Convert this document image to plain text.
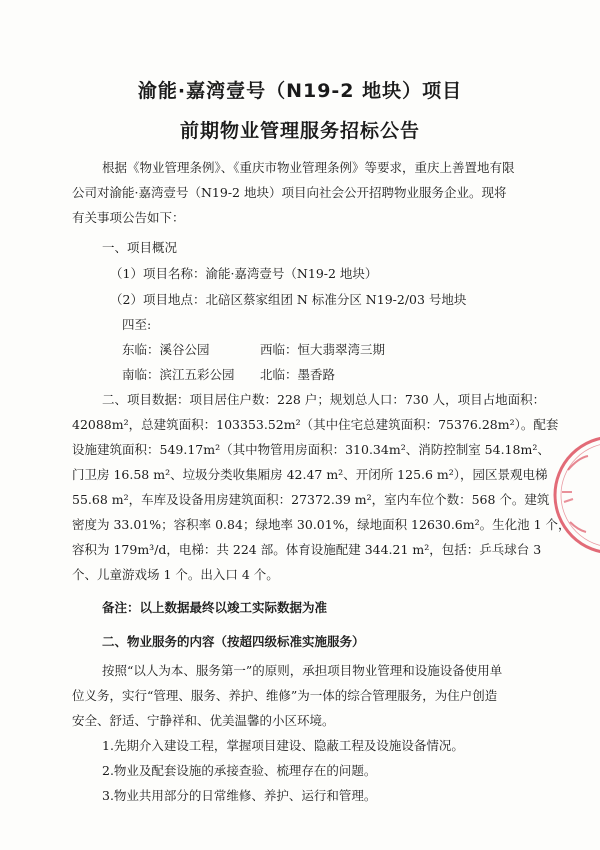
渝能·嘉湾壹号（N19-2 地块）项目
前期物业管理服务招标公告
根据《物业管理条例》、《重庆市物业管理条例》等要求，重庆上善置地有限
公司对渝能·嘉湾壹号（N19-2 地块）项目向社会公开招聘物业服务企业。现将
有关事项公告如下：
一、项目概况
（1）项目名称：渝能·嘉湾壹号（N19-2 地块）
（2）项目地点：北碚区蔡家组团 N 标准分区 N19-2/03 号地块
四至:
东临：溪谷公园	西临：恒大翡翠湾三期
南临：滨江五彩公园 北临：墨香路
二、项目数据：项目居住户数：228 户；规划总人口：730 人，项目占地面积：
42088m²，总建筑面积：103353.52m²（其中住宅总建筑面积：75376.28m²）。配套
设施建筑面积：549.17m²（其中物管用房面积：310.34m²、消防控制室 54.18m²、
门卫房 16.58 m²、垃圾分类收集厢房 42.47 m²、开闭所 125.6 m²），园区景观电梯
55.68 m²，车库及设备用房建筑面积：27372.39 m²，室内车位个数：568 个。建筑
密度为 33.01%；容积率 0.84；绿地率 30.01%，绿地面积 12630.6m²。生化池 1 个，
容积为 179m³/d，电梯：共 224 部。体育设施配建 344.21 m²，包括：乒乓球台 3
个、儿童游戏场 1 个。出入口 4 个。
备注：以上数据最终以竣工实际数据为准
二、物业服务的内容（按超四级标准实施服务）
按照“以人为本、服务第一”的原则，承担项目物业管理和设施设备使用单
位义务，实行“管理、服务、养护、维修”为一体的综合管理服务，为住户创造
安全、舒适、宁静祥和、优美温馨的小区环境。
1.先期介入建设工程，掌握项目建设、隐蔽工程及设施设备情况。
2.物业及配套设施的承接查验、梳理存在的问题。
3.物业共用部分的日常维修、养护、运行和管理。
